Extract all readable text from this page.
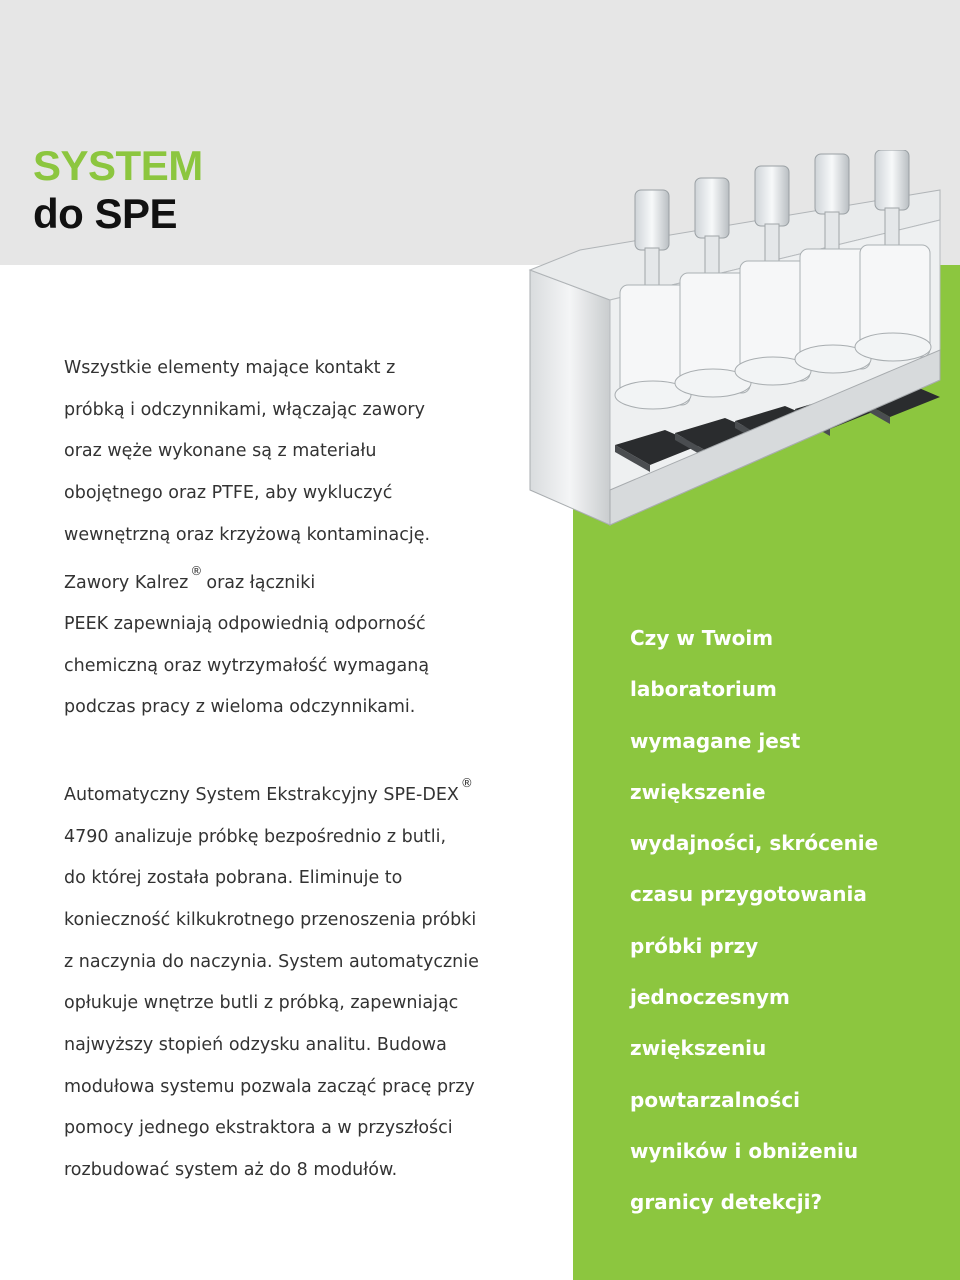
SYSTEM
do SPE
Wszystkie elementy mające kontakt z
próbką i odczynnikami, włączając zawory
oraz węże wykonane są z materiału
obojętnego oraz PTFE, aby wykluczyć
wewnętrzną oraz krzyżową kontaminację.
Zawory Kalrez®oraz łączniki
PEEK zapewniają odpowiednią odporność
chemiczną oraz wytrzymałość wymaganą
podczas pracy z wieloma odczynnikami.
Automatyczny System Ekstrakcyjny SPE-DEX®
4790 analizuje próbkę bezpośrednio z butli,
do której została pobrana. Eliminuje to
konieczność kilkukrotnego przenoszenia próbki
z naczynia do naczynia. System automatycznie
opłukuje wnętrze butli z próbką, zapewniając
najwyższy stopień odzysku analitu. Budowa
modułowa systemu pozwala zacząć pracę przy
pomocy jednego ekstraktora a w przyszłości
rozbudować system aż do 8 modułów.
Czy w Twoim
laboratorium
wymagane jest
zwiększenie
wydajności, skrócenie
czasu przygotowania
próbki przy
jednoczesnym
zwiększeniu
powtarzalności
wyników i obniżeniu
granicy detekcji?
